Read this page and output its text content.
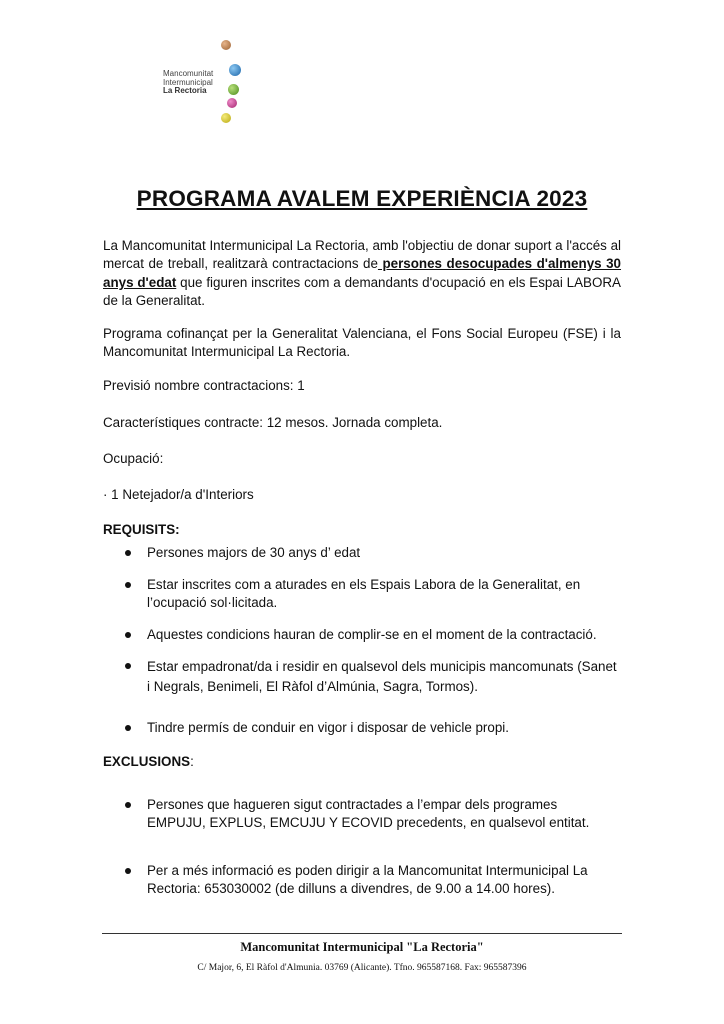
Mancomunitat
Intermunicipal
La Rectoria
PROGRAMA AVALEM EXPERIÈNCIA 2023
La Mancomunitat Intermunicipal La Rectoria, amb l'objectiu de donar suport a l'accés al mercat de treball, realitzarà contractacions de persones desocupades d'almenys 30 anys d'edat que figuren inscrites com a demandants d'ocupació en els Espai LABORA de la Generalitat.
Programa cofinançat per la Generalitat Valenciana, el Fons Social Europeu (FSE) i la Mancomunitat Intermunicipal La Rectoria.
Previsió nombre contractacions: 1
Característiques contracte: 12 mesos. Jornada completa.
Ocupació:
· 1 Netejador/a d'Interiors
REQUISITS:
Persones majors de 30 anys d’ edat
Estar inscrites com a aturades en els Espais Labora de la Generalitat, en l’ocupació sol·licitada.
Aquestes condicions hauran de complir-se en el moment de la contractació.
Estar empadronat/da i residir en qualsevol dels municipis mancomunats (Sanet i Negrals, Benimeli, El Ràfol d’Almúnia, Sagra, Tormos).
Tindre permís de conduir en vigor i disposar de vehicle propi.
EXCLUSIONS:
Persones que hagueren sigut contractades a l’empar dels programes EMPUJU, EXPLUS, EMCUJU Y ECOVID precedents, en qualsevol entitat.
Per a més informació es poden dirigir a la Mancomunitat Intermunicipal La Rectoria: 653030002 (de dilluns a divendres, de 9.00 a 14.00 hores).
Mancomunitat Intermunicipal "La Rectoria"
C/ Major, 6, El Ràfol d'Almunia. 03769 (Alicante). Tfno. 965587168. Fax: 965587396
